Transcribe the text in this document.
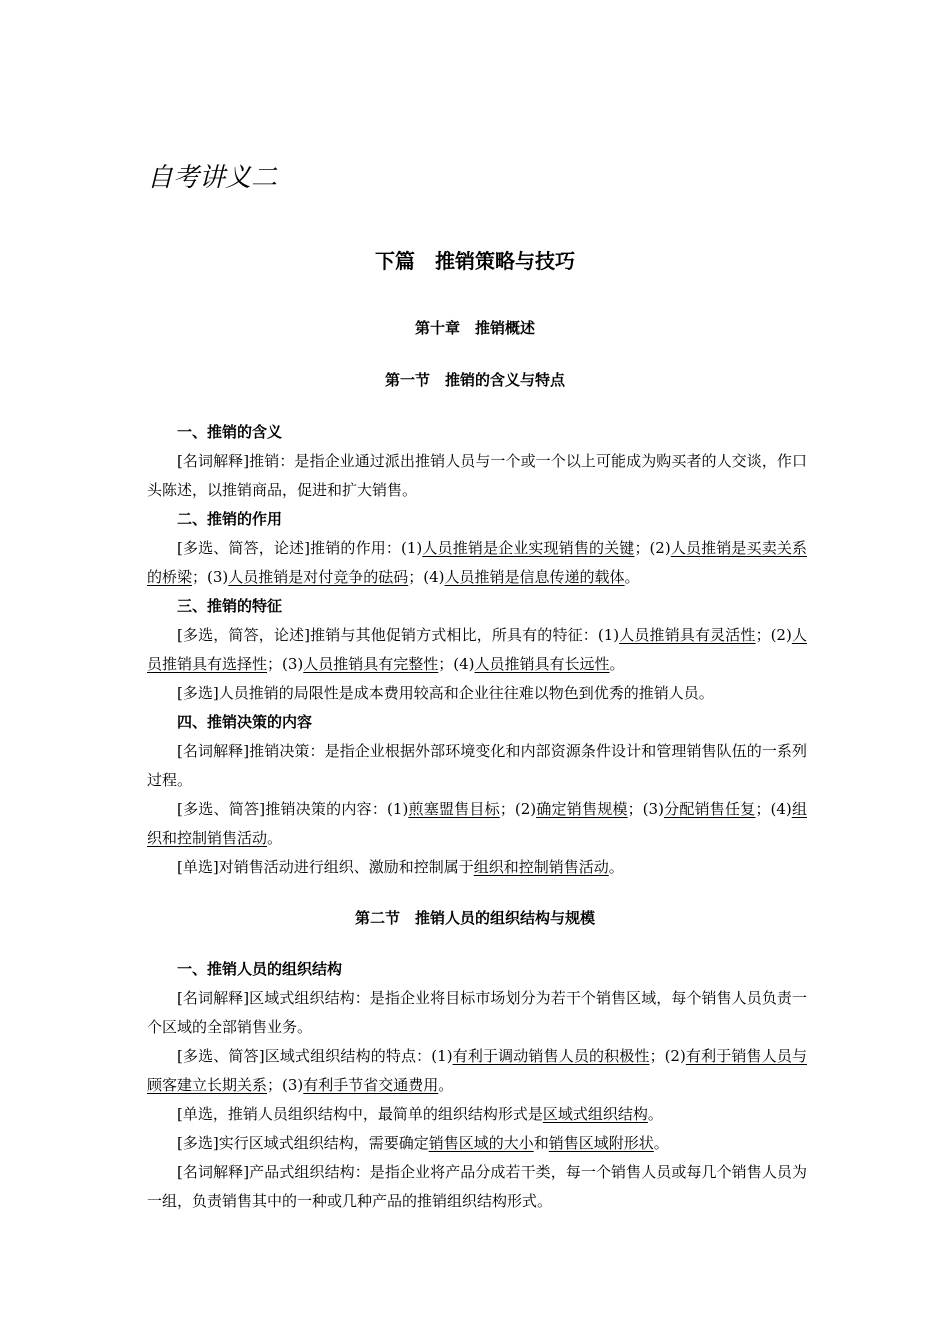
自考讲义二
下篇　推销策略与技巧
第十章　推销概述
第一节　推销的含义与特点
一、推销的含义
[名词解释]推销：是指企业通过派出推销人员与一个或一个以上可能成为购买者的人交谈，作口头陈述，以推销商品，促进和扩大销售。
二、推销的作用
[多选、简答，论述]推销的作用：(1)人员推销是企业实现销售的关键；(2)人员推销是买卖关系的桥梁；(3)人员推销是对付竞争的砝码；(4)人员推销是信息传递的载体。
三、推销的特征
[多选，简答，论述]推销与其他促销方式相比，所具有的特征：(1)人员推销具有灵活性；(2)人员推销具有选择性；(3)人员推销具有完整性；(4)人员推销具有长远性。
[多选]人员推销的局限性是成本费用较高和企业往往难以物色到优秀的推销人员。
四、推销决策的内容
[名词解释]推销决策：是指企业根据外部环境变化和内部资源条件设计和管理销售队伍的一系列过程。
[多选、简答]推销决策的内容：(1)煎塞盟售目标；(2)确定销售规模；(3)分配销售任复；(4)组织和控制销售活动。
[单选]对销售活动进行组织、激励和控制属于组织和控制销售活动。
第二节　推销人员的组织结构与规模
一、推销人员的组织结构
[名词解释]区域式组织结构：是指企业将目标市场划分为若干个销售区域，每个销售人员负责一个区域的全部销售业务。
[多选、简答]区域式组织结构的特点：(1)有利于调动销售人员的积极性；(2)有利于销售人员与顾客建立长期关系；(3)有利手节省交通费用。
[单选，推销人员组织结构中，最简单的组织结构形式是区域式组织结构。
[多选]实行区域式组织结构，需要确定销售区域的大小和销售区域附形状。
[名词解释]产品式组织结构：是指企业将产品分成若干类，每一个销售人员或每几个销售人员为一组，负责销售其中的一种或几种产品的推销组织结构形式。
